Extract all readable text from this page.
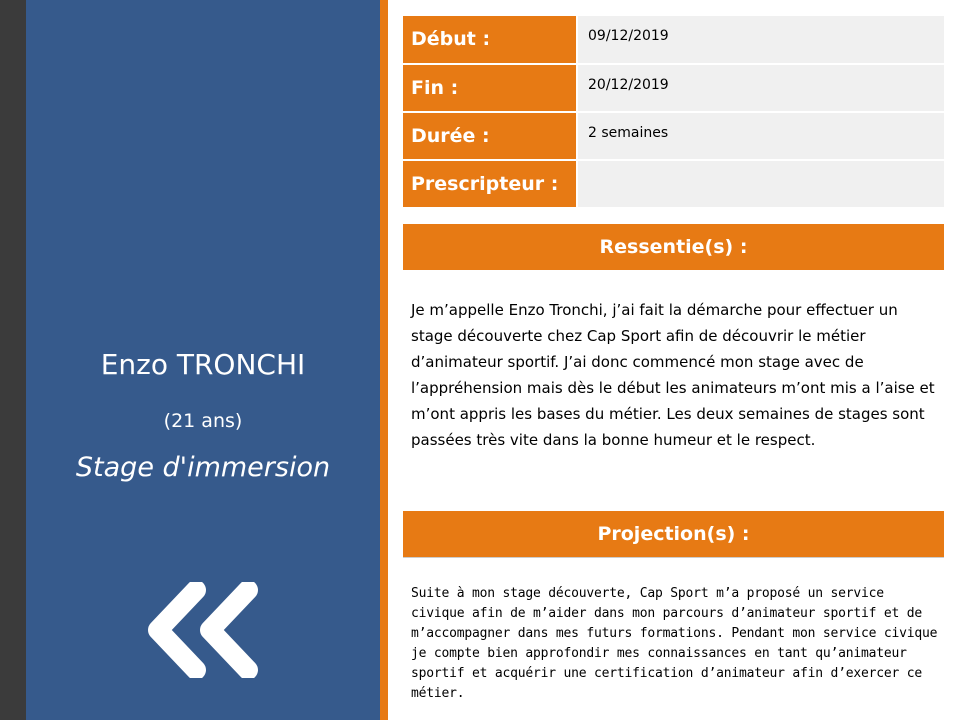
Enzo TRONCHI
(21 ans)
Stage d'immersion
Début :	09/12/2019
Fin :	20/12/2019
Durée :	2 semaines
Prescripteur :	
Ressentie(s) :
Je m’appelle Enzo Tronchi, j’ai fait la démarche pour effectuer un stage découverte chez Cap Sport afin de découvrir le métier d’animateur sportif. J’ai donc commencé mon stage avec de l’appréhension mais dès le début les animateurs m’ont mis a l’aise et m’ont appris les bases du métier. Les deux semaines de stages sont passées très vite dans la bonne humeur et le respect.
Projection(s) :
Suite à mon stage découverte, Cap Sport m’a proposé un service civique afin de m’aider dans mon parcours d’animateur sportif et de m’accompagner dans mes futurs formations. Pendant mon service civique je compte bien approfondir mes connaissances en tant qu’animateur sportif et acquérir une certification d’animateur afin d’exercer ce métier.
